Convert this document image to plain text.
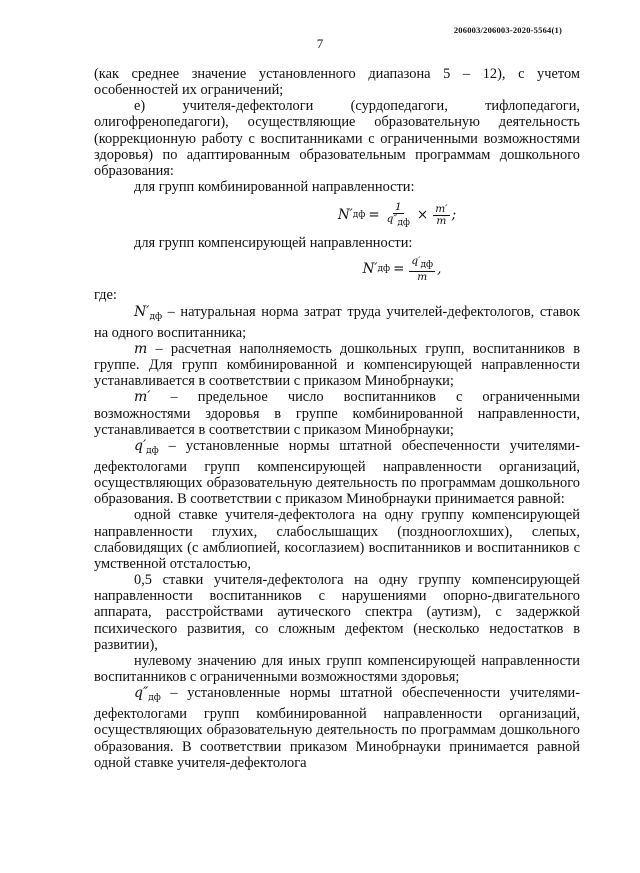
206003/206003-2020-5564(1)
7

(как среднее значение установленного диапазона 5 – 12), с учетом особенностей их ограничений;

е) учителя-дефектологи (сурдопедагоги, тифлопедагоги, олигофренопедагоги), осуществляющие образовательную деятельность (коррекционную работу с воспитанниками с ограниченными возможностями здоровья) по адаптированным образовательным программам дошкольного образования:

для групп комбинированной направленности:

N′ дф = $\frac{1}{q''дф} \times \frac{m'}{m}$ ;

для групп компенсирующей направленности:

N′ дф = $\frac{q'дф}{m}$ ,

где:

$N'_{дф}$ – натуральная норма затрат труда учителей-дефектологов, ставок на одного воспитанника;

m – расчетная наполняемость дошкольных групп, воспитанников в группе. Для групп комбинированной и компенсирующей направленности устанавливается в соответствии с приказом Минобрнауки;

m′ – предельное число воспитанников с ограниченными возможностями здоровья в группе комбинированной направленности, устанавливается в соответствии с приказом Минобрнауки;

$q'_{дф}$ – установленные нормы штатной обеспеченности учителями-дефектологами групп компенсирующей направленности организаций, осуществляющих образовательную деятельность по программам дошкольного образования. В соответствии с приказом Минобрнауки принимается равной:

одной ставке учителя-дефектолога на одну группу компенсирующей направленности глухих, слабослышащих (позднооглохших), слепых, слабовидящих (с амблиопией, косоглазием) воспитанников и воспитанников с умственной отсталостью,

0,5 ставки учителя-дефектолога на одну группу компенсирующей направленности воспитанников с нарушениями опорно-двигательного аппарата, расстройствами аутического спектра (аутизм), с задержкой психического развития, со сложным дефектом (несколько недостатков в развитии),

нулевому значению для иных групп компенсирующей направленности воспитанников с ограниченными возможностями здоровья;

$q''_{дф}$ – установленные нормы штатной обеспеченности учителями-дефектологами групп комбинированной направленности организаций, осуществляющих образовательную деятельность по программам дошкольного образования. В соответствии приказом Минобрнауки принимается равной одной ставке учителя-дефектолога
